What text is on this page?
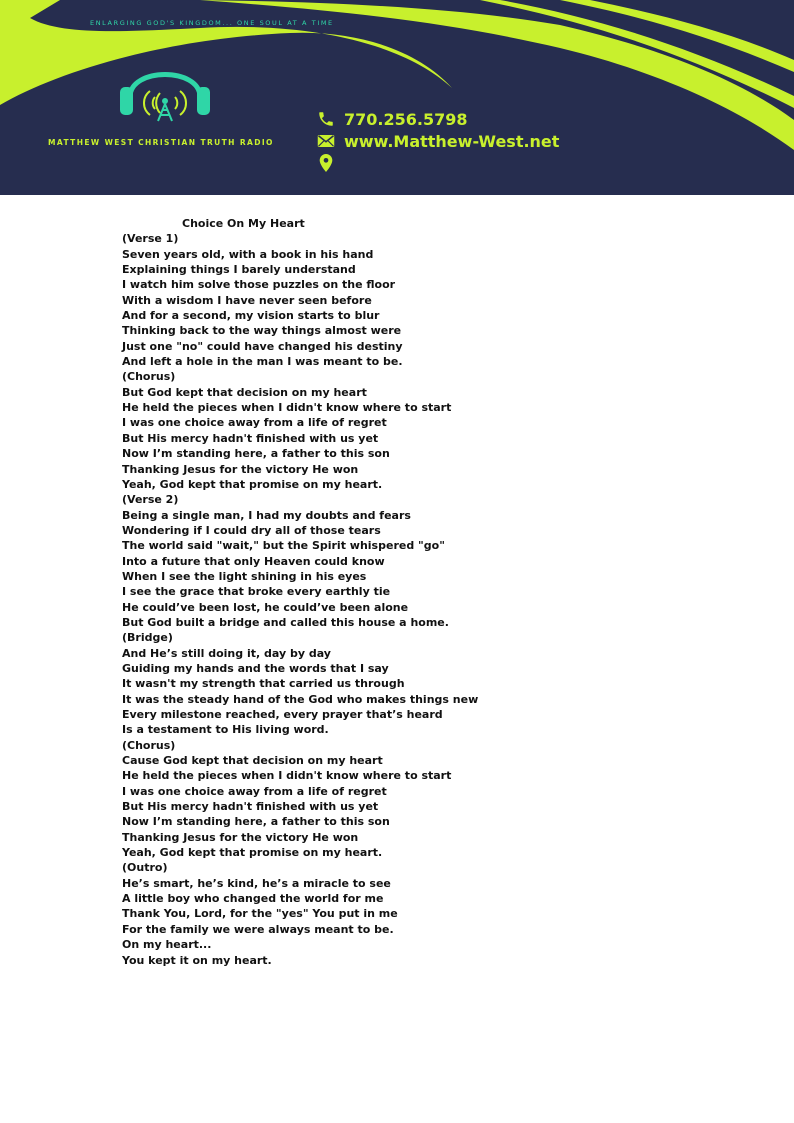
ENLARGING GOD'S KINGDOM... ONE SOUL AT A TIME
MATTHEW WEST CHRISTIAN TRUTH RADIO
770.256.5798
www.Matthew-West.net
Choice On My Heart
(Verse 1)
Seven years old, with a book in his hand
Explaining things I barely understand
I watch him solve those puzzles on the floor
With a wisdom I have never seen before
And for a second, my vision starts to blur
Thinking back to the way things almost were
Just one "no" could have changed his destiny
And left a hole in the man I was meant to be.
(Chorus)
But God kept that decision on my heart
He held the pieces when I didn't know where to start
I was one choice away from a life of regret
But His mercy hadn't finished with us yet
Now I’m standing here, a father to this son
Thanking Jesus for the victory He won
Yeah, God kept that promise on my heart.
(Verse 2)
Being a single man, I had my doubts and fears
Wondering if I could dry all of those tears
The world said "wait," but the Spirit whispered "go"
Into a future that only Heaven could know
When I see the light shining in his eyes
I see the grace that broke every earthly tie
He could’ve been lost, he could’ve been alone
But God built a bridge and called this house a home.
(Bridge)
And He’s still doing it, day by day
Guiding my hands and the words that I say
It wasn't my strength that carried us through
It was the steady hand of the God who makes things new
Every milestone reached, every prayer that’s heard
Is a testament to His living word.
(Chorus)
Cause God kept that decision on my heart
He held the pieces when I didn't know where to start
I was one choice away from a life of regret
But His mercy hadn't finished with us yet
Now I’m standing here, a father to this son
Thanking Jesus for the victory He won
Yeah, God kept that promise on my heart.
(Outro)
He’s smart, he’s kind, he’s a miracle to see
A little boy who changed the world for me
Thank You, Lord, for the "yes" You put in me
For the family we were always meant to be.
On my heart...
You kept it on my heart.
